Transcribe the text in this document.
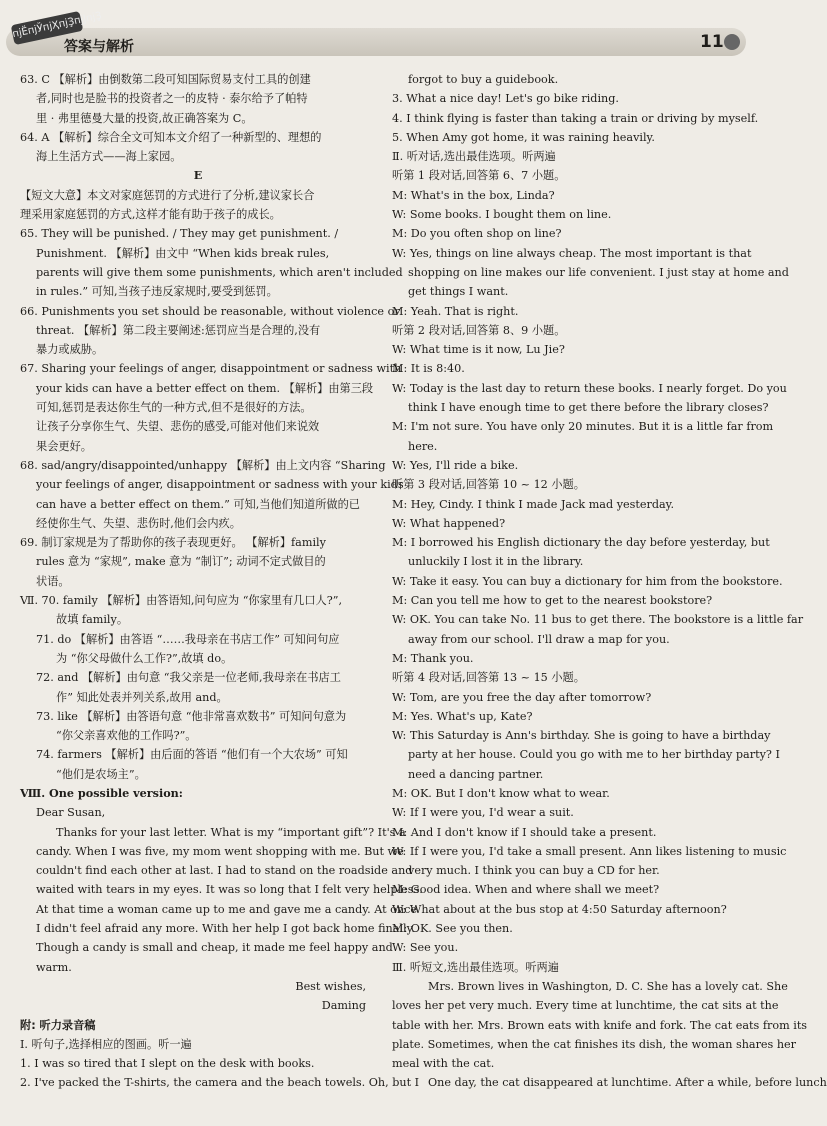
пјЁпјЎпјҲпјҘпјЈпјҘ
答案与解析	11
63. C 【解析】由倒数第二段可知国际贸易支付工具的创建
者,同时也是脸书的投资者之一的皮特 · 泰尔给予了帕特
里 · 弗里德曼大量的投资,故正确答案为 C。
64. A 【解析】综合全文可知本文介绍了一种新型的、理想的
海上生活方式——海上家园。
E
【短文大意】本文对家庭惩罚的方式进行了分析,建议家长合
理采用家庭惩罚的方式,这样才能有助于孩子的成长。
65. They will be punished. / They may get punishment. /
Punishment. 【解析】由文中 “When kids break rules,
parents will give them some punishments, which aren't included
in rules.” 可知,当孩子违反家规时,要受到惩罚。
66. Punishments you set should be reasonable, without violence or
threat. 【解析】第二段主要阐述:惩罚应当是合理的,没有
暴力或威胁。
67. Sharing your feelings of anger, disappointment or sadness with
your kids can have a better effect on them. 【解析】由第三段
可知,惩罚是表达你生气的一种方式,但不是很好的方法。
让孩子分享你生气、失望、悲伤的感受,可能对他们来说效
果会更好。
68. sad/angry/disappointed/unhappy 【解析】由上文内容 “Sharing
your feelings of anger, disappointment or sadness with your kids
can have a better effect on them.” 可知,当他们知道所做的已
经使你生气、失望、悲伤时,他们会内疚。
69. 制订家规是为了帮助你的孩子表现更好。 【解析】family
rules 意为 “家规”, make 意为 “制订”; 动词不定式做目的
状语。
Ⅶ. 70. family 【解析】由答语知,问句应为 “你家里有几口人?”,
故填 family。
71. do 【解析】由答语 “……我母亲在书店工作” 可知问句应
为 “你父母做什么工作?”,故填 do。
72. and 【解析】由句意 “我父亲是一位老师,我母亲在书店工
作” 知此处表并列关系,故用 and。
73. like 【解析】由答语句意 “他非常喜欢数书” 可知问句意为
“你父亲喜欢他的工作吗?”。
74. farmers 【解析】由后面的答语 “他们有一个大农场” 可知
“他们是农场主”。
Ⅷ. One possible version:
Dear Susan,
Thanks for your last letter. What is my “important gift”? It's a
candy. When I was five, my mom went shopping with me. But we
couldn't find each other at last. I had to stand on the roadside and
waited with tears in my eyes. It was so long that I felt very helpless.
At that time a woman came up to me and gave me a candy. At once
I didn't feel afraid any more. With her help I got back home finally.
Though a candy is small and cheap, it made me feel happy and
warm.
Best wishes,
Daming
附: 听力录音稿
Ⅰ. 听句子,选择相应的图画。听一遍
1. I was so tired that I slept on the desk with books.
2. I've packed the T-shirts, the camera and the beach towels. Oh, but I
forgot to buy a guidebook.
3. What a nice day! Let's go bike riding.
4. I think flying is faster than taking a train or driving by myself.
5. When Amy got home, it was raining heavily.
Ⅱ. 听对话,选出最佳选项。听两遍
听第 1 段对话,回答第 6、7 小题。
M: What's in the box, Linda?
W: Some books. I bought them on line.
M: Do you often shop on line?
W: Yes, things on line always cheap. The most important is that
shopping on line makes our life convenient. I just stay at home and
get things I want.
M: Yeah. That is right.
听第 2 段对话,回答第 8、9 小题。
W: What time is it now, Lu Jie?
M: It is 8:40.
W: Today is the last day to return these books. I nearly forget. Do you
think I have enough time to get there before the library closes?
M: I'm not sure. You have only 20 minutes. But it is a little far from
here.
W: Yes, I'll ride a bike.
听第 3 段对话,回答第 10 ~ 12 小题。
M: Hey, Cindy. I think I made Jack mad yesterday.
W: What happened?
M: I borrowed his English dictionary the day before yesterday, but
unluckily I lost it in the library.
W: Take it easy. You can buy a dictionary for him from the bookstore.
M: Can you tell me how to get to the nearest bookstore?
W: OK. You can take No. 11 bus to get there. The bookstore is a little far
away from our school. I'll draw a map for you.
M: Thank you.
听第 4 段对话,回答第 13 ~ 15 小题。
W: Tom, are you free the day after tomorrow?
M: Yes. What's up, Kate?
W: This Saturday is Ann's birthday. She is going to have a birthday
party at her house. Could you go with me to her birthday party? I
need a dancing partner.
M: OK. But I don't know what to wear.
W: If I were you, I'd wear a suit.
M: And I don't know if I should take a present.
W: If I were you, I'd take a small present. Ann likes listening to music
very much. I think you can buy a CD for her.
M: Good idea. When and where shall we meet?
W: What about at the bus stop at 4:50 Saturday afternoon?
M: OK. See you then.
W: See you.
Ⅲ. 听短文,选出最佳选项。听两遍
Mrs. Brown lives in Washington, D. C. She has a lovely cat. She
loves her pet very much. Every time at lunchtime, the cat sits at the
table with her. Mrs. Brown eats with knife and fork. The cat eats from its
plate. Sometimes, when the cat finishes its dish, the woman shares her
meal with the cat.
One day, the cat disappeared at lunchtime. After a while, before lunch
